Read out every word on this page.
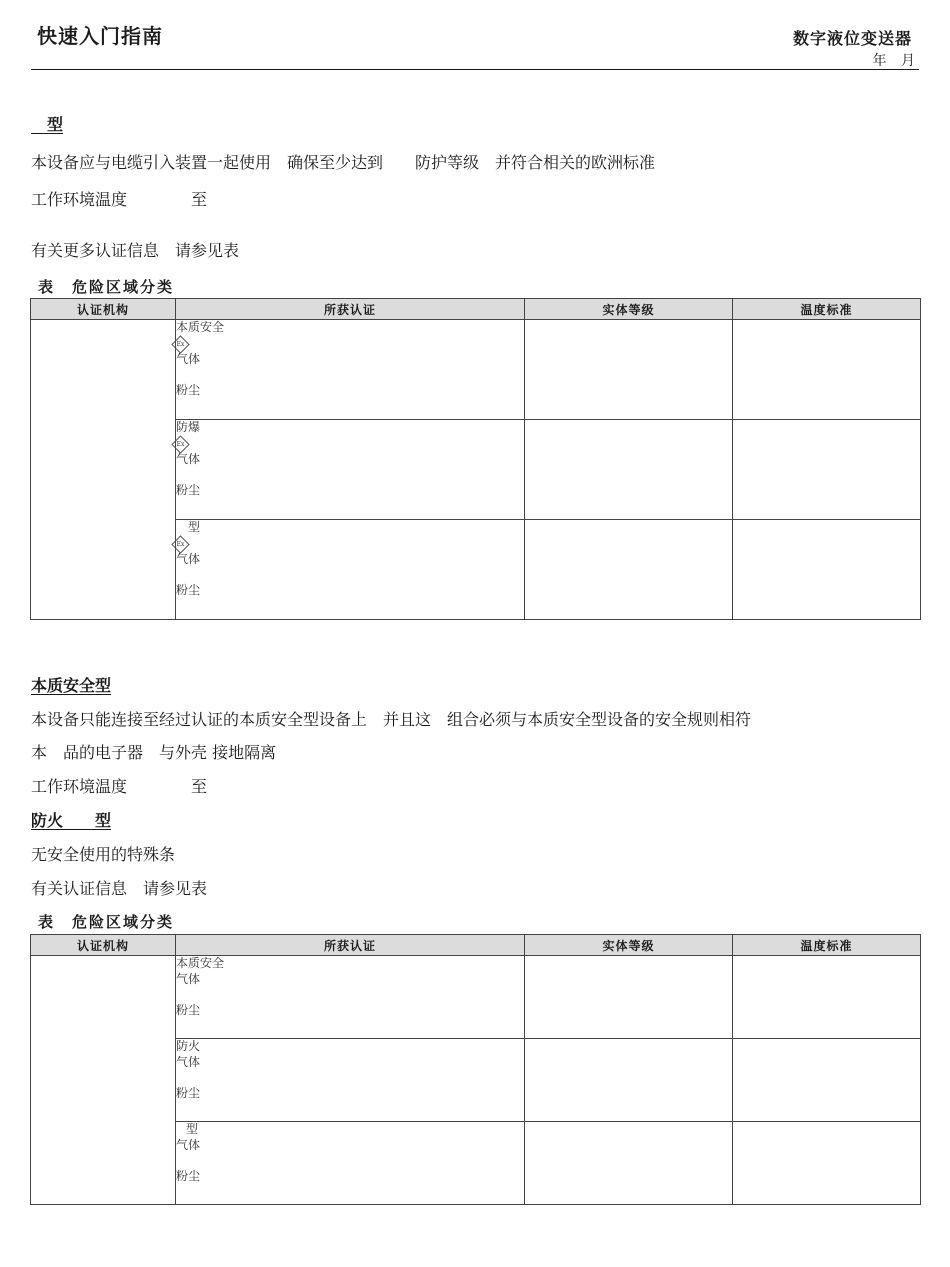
快速入门指南	数字液位变送器
年 月
　型
本设备应与电缆引入装置一起使用　确保至少达到　　防护等级　并符合相关的欧洲标准
工作环境温度　　　　至
有关更多认证信息　请参见表
表　危险区域分类
认证机构	所获认证	实体等级	温度标准

	本质安全
Ex
气体
粉尘		

	防爆
Ex
气体
粉尘		

	型
Ex
气体
粉尘		

本质安全型
本设备只能连接至经过认证的本质安全型设备上　并且这　组合必须与本质安全型设备的安全规则相符
本　品的电子器　与外壳 接地隔离
工作环境温度　　　　至
防火　　型
无安全使用的特殊条
有关认证信息　请参见表
表　危险区域分类
认证机构	所获认证	实体等级	温度标准

	本质安全
气体
粉尘		

	防火
气体
粉尘		

	型
气体
粉尘		
